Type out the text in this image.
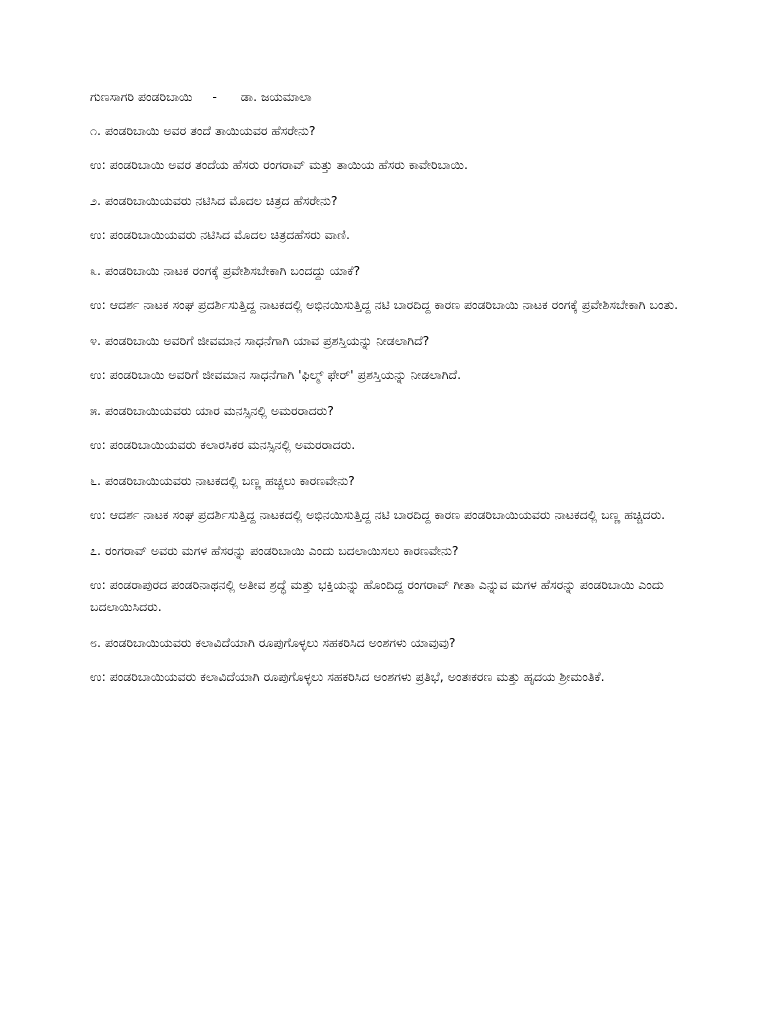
ಗುಣಸಾಗರಿ ಪಂಡರಿಬಾಯಿ     -      ಡಾ. ಜಯಮಾಲಾ

೧. ಪಂಡರಿಬಾಯಿ ಅವರ ತಂದೆ ತಾಯಿಯವರ ಹೆಸರೇನು?

ಉ: ಪಂಡರಿಬಾಯಿ ಅವರ ತಂದೆಯ ಹೆಸರು ರಂಗರಾವ್ ಮತ್ತು ತಾಯಿಯ ಹೆಸರು ಕಾವೇರಿಬಾಯಿ.

೨. ಪಂಡರಿಬಾಯಿಯವರು ನಟಿಸಿದ ಮೊದಲ ಚಿತ್ರದ ಹೆಸರೇನು?

ಉ: ಪಂಡರಿಬಾಯಿಯವರು ನಟಿಸಿದ ಮೊದಲ ಚಿತ್ರದಹೆಸರು ವಾಣಿ.

೩. ಪಂಡರಿಬಾಯಿ ನಾಟಕ ರಂಗಕ್ಕೆ ಪ್ರವೇಶಿಸಬೇಕಾಗಿ ಬಂದದ್ದು ಯಾಕೆ?

ಉ: ಆದರ್ಶ ನಾಟಕ ಸಂಘ ಪ್ರದರ್ಶಿಸುತ್ತಿದ್ದ ನಾಟಕದಲ್ಲಿ ಅಭಿನಯಿಸುತ್ತಿದ್ದ ನಟಿ ಬಾರದಿದ್ದ ಕಾರಣ ಪಂಡರಿಬಾಯಿ ನಾಟಕ ರಂಗಕ್ಕೆ ಪ್ರವೇಶಿಸಬೇಕಾಗಿ ಬಂತು.

೪. ಪಂಡರಿಬಾಯಿ ಅವರಿಗೆ ಜೀವಮಾನ ಸಾಧನೆಗಾಗಿ ಯಾವ ಪ್ರಶಸ್ತಿಯನ್ನು ನೀಡಲಾಗಿದೆ?

ಉ: ಪಂಡರಿಬಾಯಿ ಅವರಿಗೆ ಜೀವಮಾನ ಸಾಧನೆಗಾಗಿ 'ಫಿಲ್ಮ್ ಫೇರ್' ಪ್ರಶಸ್ತಿಯನ್ನು ನೀಡಲಾಗಿದೆ.

೫. ಪಂಡರಿಬಾಯಿಯವರು ಯಾರ ಮನಸ್ಸಿನಲ್ಲಿ ಅಮರರಾದರು?

ಉ: ಪಂಡರಿಬಾಯಿಯವರು ಕಲಾರಸಿಕರ ಮನಸ್ಸಿನಲ್ಲಿ ಅಮರರಾದರು.

೬. ಪಂಡರಿಬಾಯಿಯವರು ನಾಟಕದಲ್ಲಿ ಬಣ್ಣ ಹಚ್ಚಲು ಕಾರಣವೇನು?

ಉ: ಆದರ್ಶ ನಾಟಕ ಸಂಘ ಪ್ರದರ್ಶಿಸುತ್ತಿದ್ದ ನಾಟಕದಲ್ಲಿ ಅಭಿನಯಿಸುತ್ತಿದ್ದ ನಟಿ ಬಾರದಿದ್ದ ಕಾರಣ ಪಂಡರಿಬಾಯಿಯವರು ನಾಟಕದಲ್ಲಿ ಬಣ್ಣ ಹಚ್ಚಿದರು.

೭. ರಂಗರಾವ್ ಅವರು ಮಗಳ ಹೆಸರನ್ನು ಪಂಡರಿಬಾಯಿ ಎಂದು ಬದಲಾಯಿಸಲು ಕಾರಣವೇನು?

ಉ: ಪಂಡರಾಪುರದ ಪಂಡರಿನಾಥನಲ್ಲಿ ಅತೀವ ಶ್ರದ್ಧೆ ಮತ್ತು ಭಕ್ತಿಯನ್ನು ಹೊಂದಿದ್ದ ರಂಗರಾವ್ ಗೀತಾ ಎನ್ನುವ ಮಗಳ ಹೆಸರನ್ನು ಪಂಡರಿಬಾಯಿ ಎಂದು ಬದಲಾಯಿಸಿದರು.

೮. ಪಂಡರಿಬಾಯಿಯವರು ಕಲಾವಿದೆಯಾಗಿ ರೂಪುಗೊಳ್ಳಲು ಸಹಕರಿಸಿದ ಅಂಶಗಳು ಯಾವುವು?

ಉ: ಪಂಡರಿಬಾಯಿಯವರು ಕಲಾವಿದೆಯಾಗಿ ರೂಪುಗೊಳ್ಳಲು ಸಹಕರಿಸಿದ ಅಂಶಗಳು ಪ್ರತಿಭೆ, ಅಂತಃಕರಣ ಮತ್ತು ಹೃದಯ ಶ್ರೀಮಂತಿಕೆ.
